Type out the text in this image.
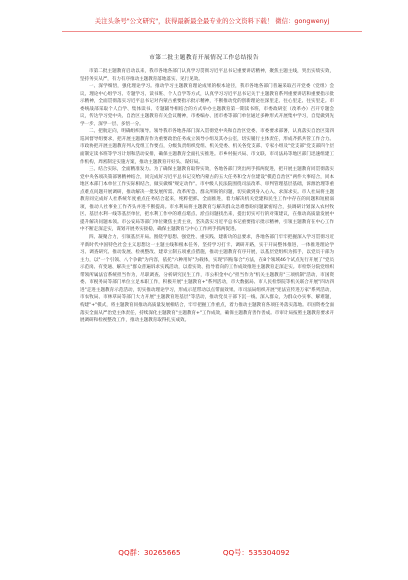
关注头条号"公文研究"，获得最新最全最专业的公文资料下载！ 微信：gongwenyj
市第二批主题教育开展情况工作总结报告

市第二批主题教育启动以来，我市各地各部门认真学习贯彻习近平总书记重要讲话精神，聚焦主题主线，突出实绩实效，坚持务实从严，有力有序推动主题教育落地落实、见行见效。

一、深学细悟，强化理论学习。推动学习主题教育理论成果的根本途径，我市各地各部门普遍采取召开党委（党组）会议、理论中心组学习、专题学习、读书班、个人自学等方式，认真学习习近平总书记关于主题教育系列重要讲话和重要指示批示精神，全面贯彻落实习近平总书记对内蒙古重要指示批示精神，不断推动党的创新理论往深里走、往心里走、往实里走。市委统战部采取个人自学、集体读书、专题辅导相结合的方式举办主题教育第一期读书班，市委政研室（改革办）召开专题会议，传达学习党中央、自治区主题教育有关会议精神，市委编办、团市委等部门单位通过多种形式开展集中学习，自觉做到先学一步、深学一层、多悟一分。

二、把航定向，明确组织领导。领导我市各地各部门深入贯彻党中央和自治区党委、市委要求部署，认真落实自治区第四巡回督导组要求，把开展主题教育作为重要政治任务成立领导小组及其办公室，切实履行主体责任，形成齐抓共管工作合力。市政协把开展主题教育列入党组工作要点，分级负责组织党组、机关党委、机关各党支部、专家小组及"党支部"党支部四个层面制定读书班等学习计划和活动安排，确保主题教育全面扎实推进。市乡村振兴局、市文联、市司法局等地区部门迅速组建工作机构，周密制定实施方案，推动主题教育开好头、谋好局。

三、结合实际，全面精准发力。为了确保主题教育取得实效，各地各部门突出两手抓两促进，把开展主题教育同贯彻落实党中央各项决策部署精神结合，同完成好习近平总书记交给内蒙古的五大任务和全方位建设"模范自治区"两件大事结合，同本地区本部门本单位工作实际相结合，做实做细"规定动作"。市中级人民法院围绕司法改革、审判管理基层基础，诉源治理等重点难点问题开展调研，推动解决一批发展所需、改革所急、群众所盼的问题，切实做到身入心入、求深求实。市人社局将主题教育同完成好人社系统年度重点任务结合起来，纯粹把抓、全面推进，着力解决机关党建和民生工作中存在的问题和短板弱项，推动人社事业工作齐头并进不断提高。市水利局将主题教育与解决群众急难愁盼问题紧密结合，扶调研计划深入农村牧区、基层水利一线等基层单位，把水利工作中的难点堵点、淤点问题找出来，提出切实可行的对策建议，在推动高质量发展中提升解决问题本领。市公安局等部门单位聚焦主责主业，坚决落实习近平总书记重要指示批示精神，引领主题教育在中心工作中不断走深走实，谋划开展务实接稳，确保主题教育与中心工作两手抓两促进。

四、凝聚合力，引领基层开局。围绕学思想、强党性、重实践、建新功的总要求，各地各部门牢牢把握深入学习贯彻习近平新时代中国特色社会主义思想这一主题主线和根本任务，坚持学习打卡、调研开路，实干开局整体推进，一体推进理论学习、调查研究、推动发展、检视整改、建章立制五项重点措施，推动主题教育有序开展，以基层党组织为抓手，以党员干部为主力，以"一个引领、八个争做"为内容，依托"六种用好"为载体，实现"四贴靠合"方法，在8个领域46个试点先行开展了"党员示范岗、有变通、解决主"群众普遍诉求实践活动，以着实效、指导着向的工作成效推进主题教育走深走实。市检察分院党组织带领所属法官系统担当作为，尽职调查、分析研究民生工作，市公积金中心"担当作为"机关主题教育"三项机制"活动，市国资委、市税务局等部门单位立足本职工作，积极开展"主题教育+"系列活动，市大数据局、市人民检察院等机关联合开展"四访四进"走进主题教育示范活动，切实推动理论学习，形成示范带动以点带面效果。市司法局组织开展"宪法宣传进万家"系列活动，市农牧局、市林草局等部门大力开展"主题教育进基层"等活动，推动党员干部下沉一线、深入群众，为群众办实事、解难题，构建"+"模式，将主题教育同推动高质量发展相结合，牢牢把握工作重点，着力推动主题教育各项任务落实落地。市国资委全面落实全面从严治党主体责任，持续深化主题教育"主题教育+"工作成效，确保主题教育善作善成。市审计局按照主题教育要求开展调研和检视整改工作，推动主题教育取得扎实成效。

QQ群：30265665	QQ号：535304092
